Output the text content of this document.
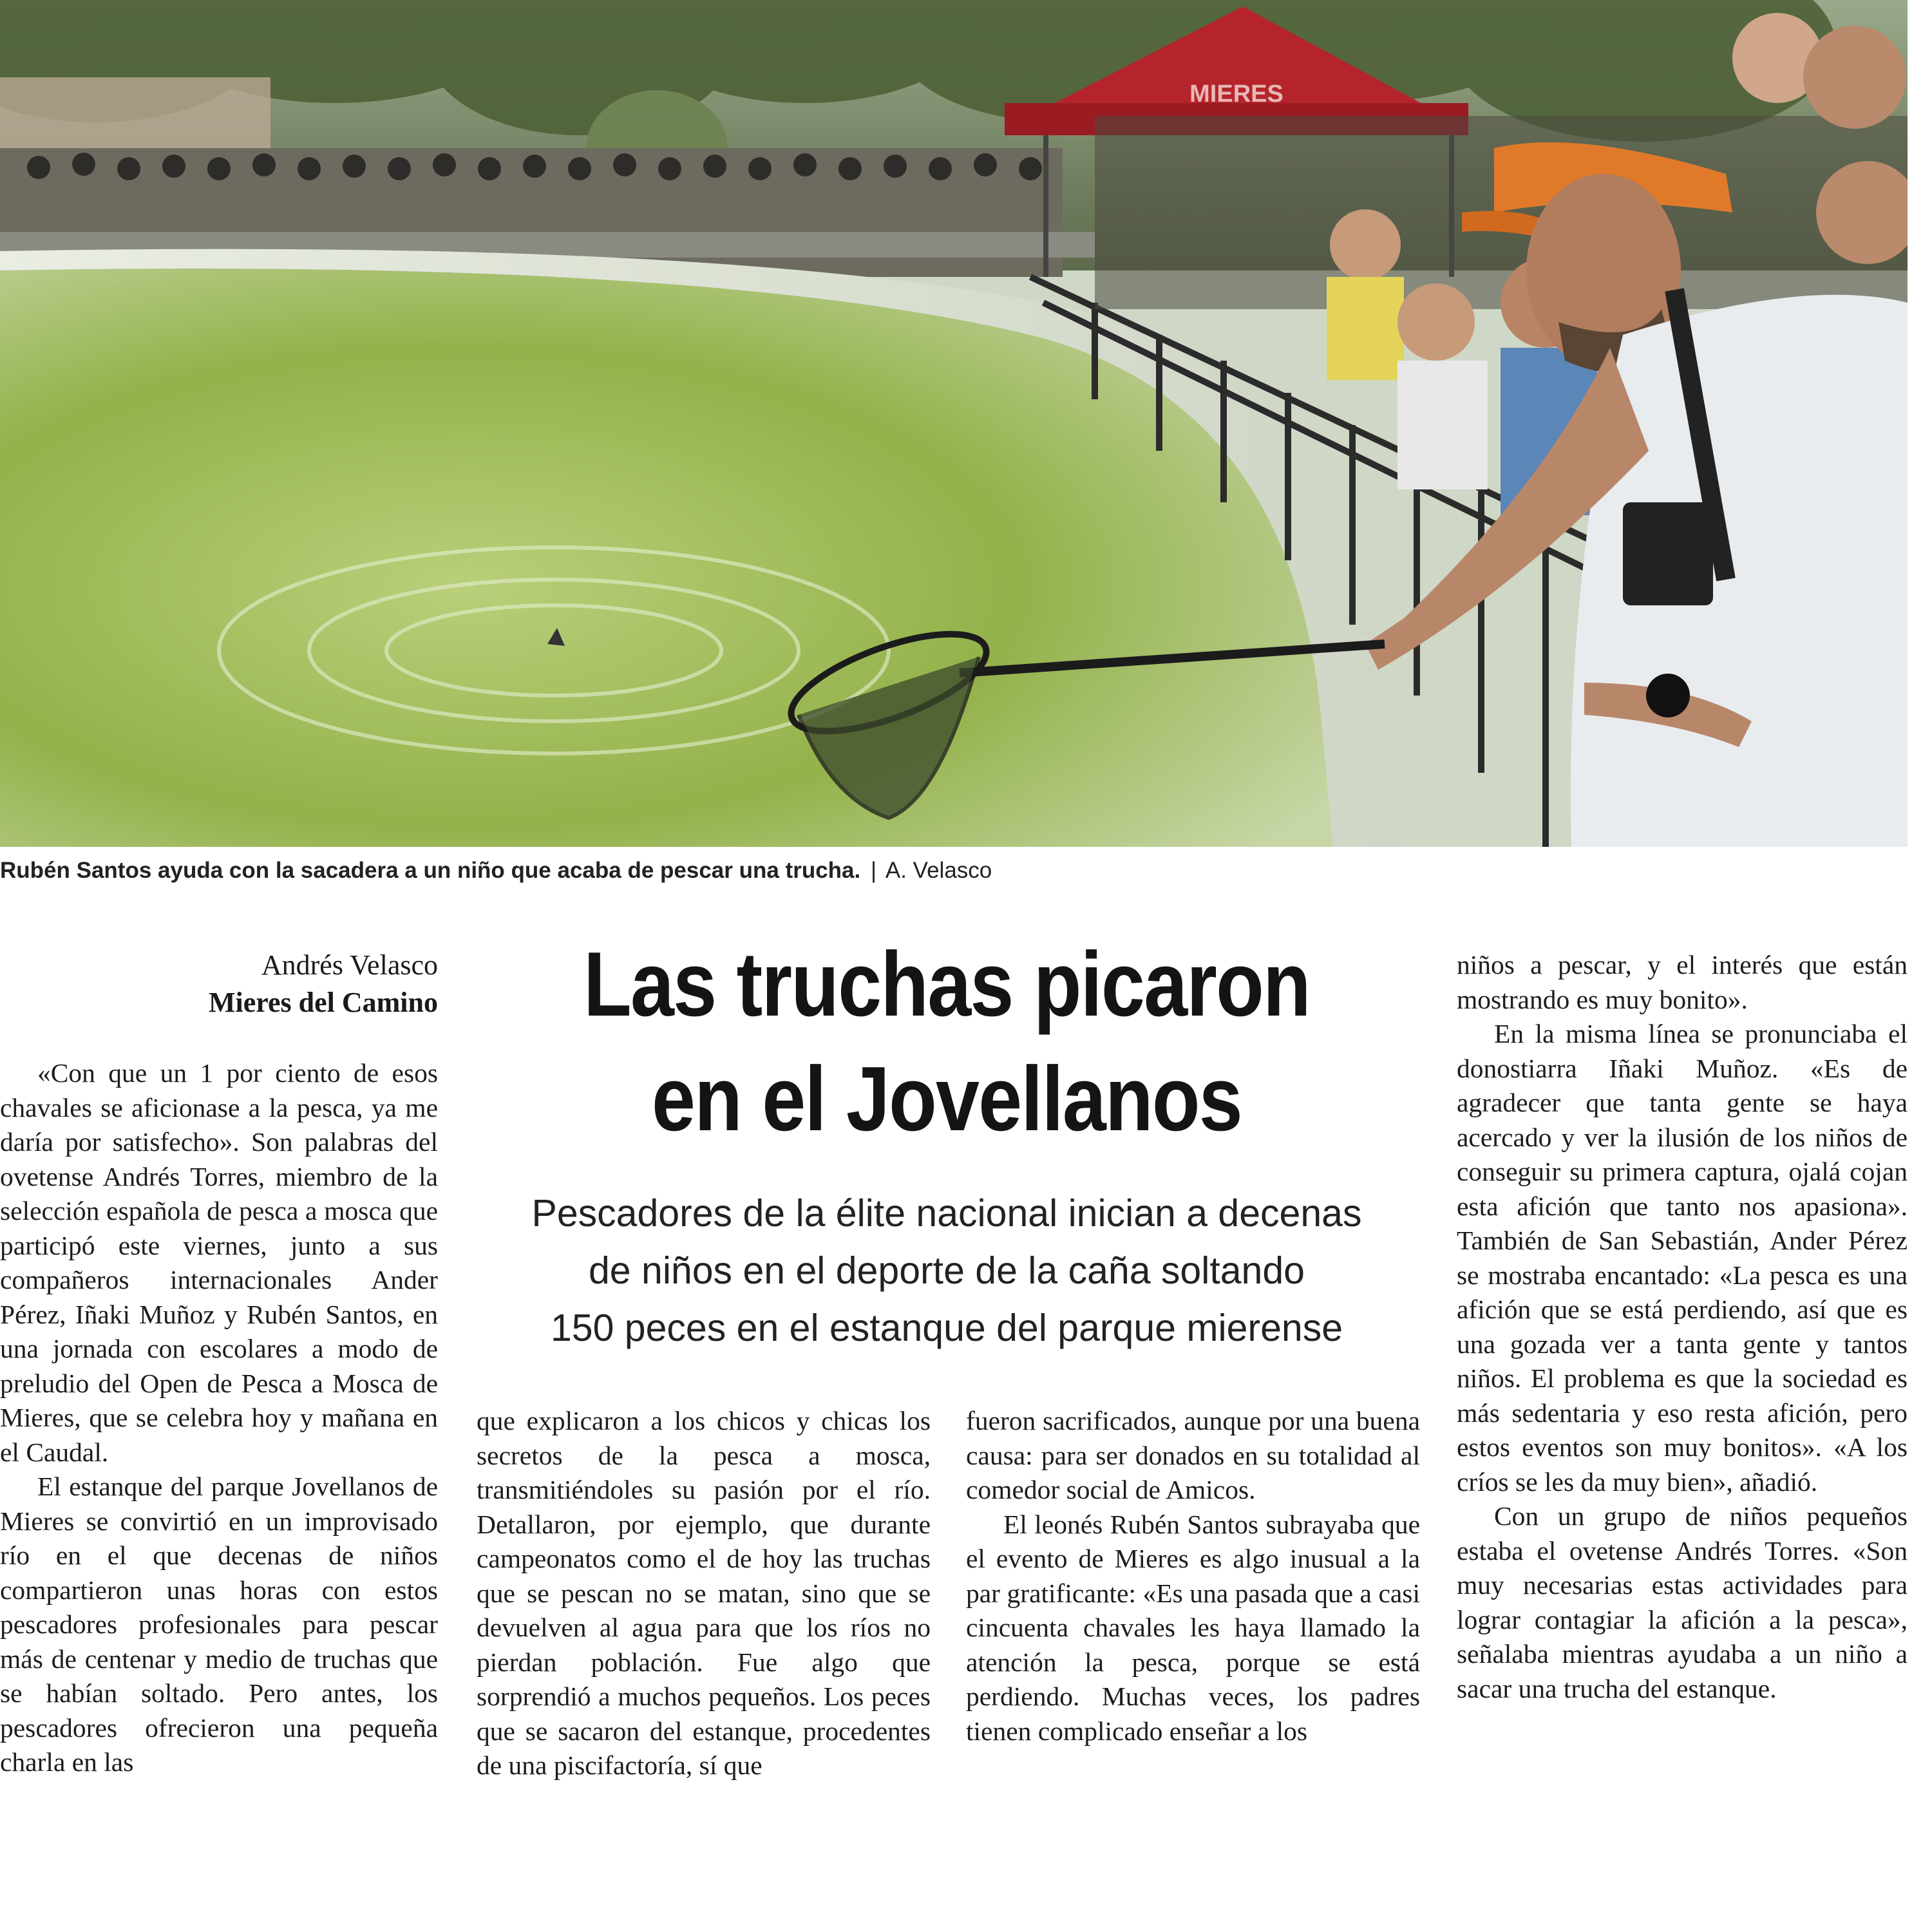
MIERES
Rubén Santos ayuda con la sacadera a un niño que acaba de pescar una trucha. | A. Velasco
Andrés Velasco
Mieres del Camino	Las truchas picaron
en el Jovellanos
Pescadores de la élite nacional inician a decenas
de niños en el deporte de la caña soltando
150 peces en el estanque del parque mierense

«Con que un 1 por ciento de esos chavales se aficionase a la pesca, ya me daría por satisfecho». Son palabras del ovetense Andrés Torres, miembro de la selección española de pesca a mosca que participó este viernes, junto a sus compañeros internacionales Ander Pérez, Iñaki Muñoz y Rubén Santos, en una jornada con escolares a modo de preludio del Open de Pesca a Mosca de Mieres, que se celebra hoy y mañana en el Caudal.

El estanque del parque Jovellanos de Mieres se convirtió en un improvisado río en el que decenas de niños compartieron unas horas con estos pescadores profesionales para pescar más de centenar y medio de truchas que se habían soltado. Pero antes, los pescadores ofrecieron una pequeña charla en las

que explicaron a los chicos y chicas los secretos de la pesca a mosca, transmitiéndoles su pasión por el río. Detallaron, por ejemplo, que durante campeonatos como el de hoy las truchas que se pescan no se matan, sino que se devuelven al agua para que los ríos no pierdan población. Fue algo que sorprendió a muchos pequeños. Los peces que se sacaron del estanque, procedentes de una piscifactoría, sí que

fueron sacrificados, aunque por una buena causa: para ser donados en su totalidad al comedor social de Amicos.

El leonés Rubén Santos subrayaba que el evento de Mieres es algo inusual a la par gratificante: «Es una pasada que a casi cincuenta chavales les haya llamado la atención la pesca, porque se está perdiendo. Muchas veces, los padres tienen complicado enseñar a los

niños a pescar, y el interés que están mostrando es muy bonito».

En la misma línea se pronunciaba el donostiarra Iñaki Muñoz. «Es de agradecer que tanta gente se haya acercado y ver la ilusión de los niños de conseguir su primera captura, ojalá cojan esta afición que tanto nos apasiona». También de San Sebastián, Ander Pérez se mostraba encantado: «La pesca es una afición que se está perdiendo, así que es una gozada ver a tanta gente y tantos niños. El problema es que la sociedad es más sedentaria y eso resta afición, pero estos eventos son muy bonitos». «A los críos se les da muy bien», añadió.

Con un grupo de niños pequeños estaba el ovetense Andrés Torres. «Son muy necesarias estas actividades para lograr contagiar la afición a la pesca», señalaba mientras ayudaba a un niño a sacar una trucha del estanque.
